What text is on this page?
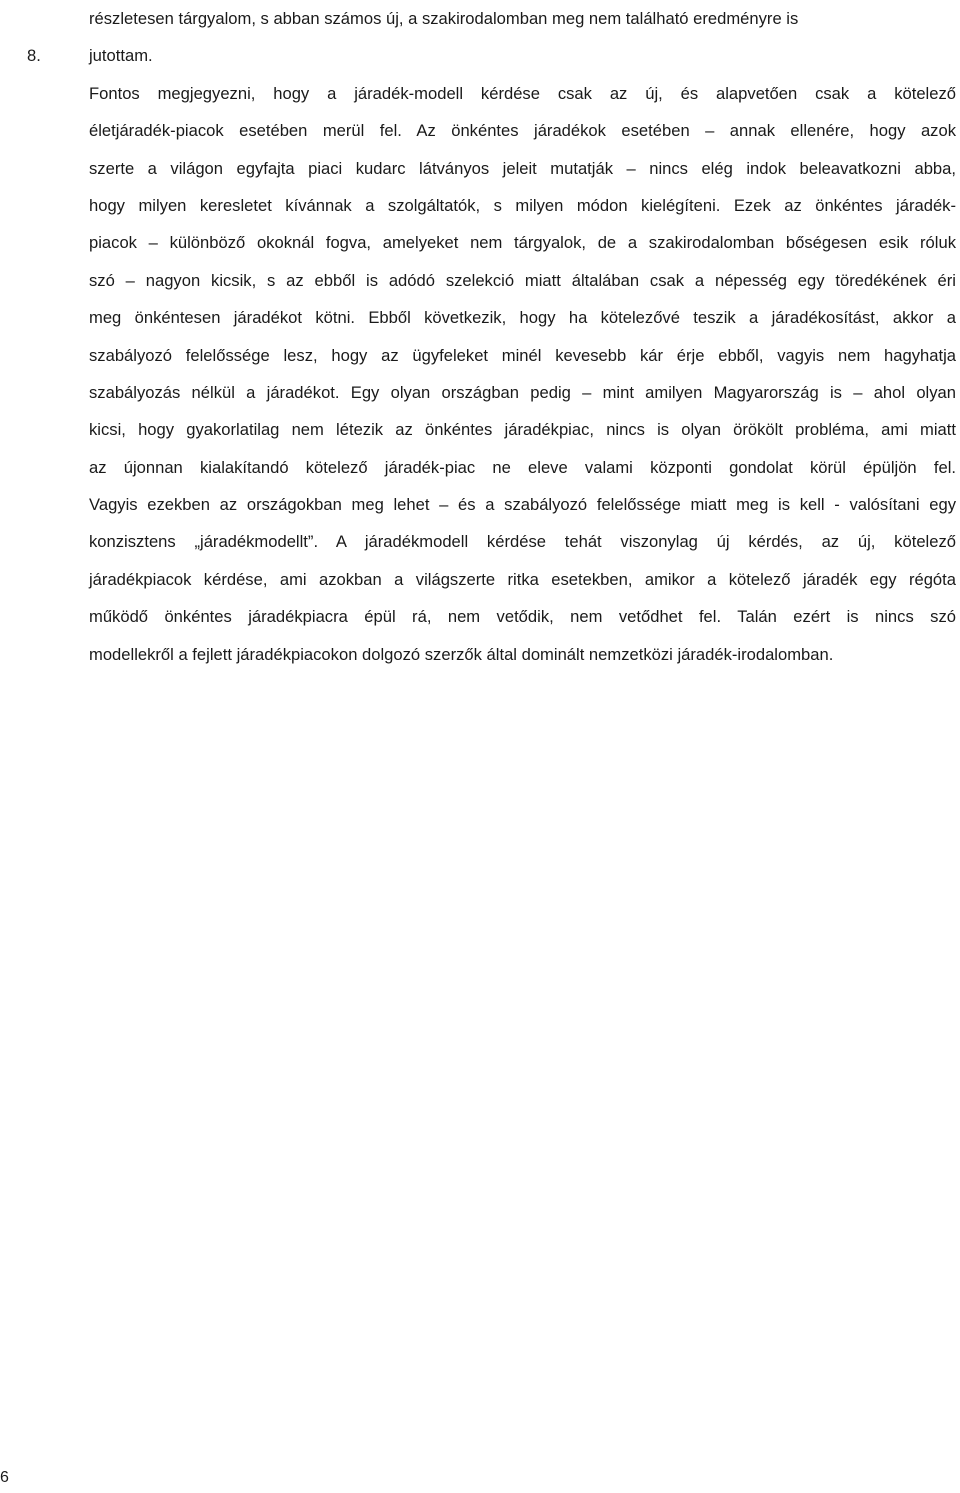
8.
részletesen tárgyalom, s abban számos új, a szakirodalomban meg nem található eredményre is
jutottam.
Fontos megjegyezni, hogy a járadék-modell kérdése csak az új, és alapvetően csak a kötelező
életjáradék-piacok esetében merül fel. Az önkéntes járadékok esetében – annak ellenére, hogy azok
szerte a világon egyfajta piaci kudarc látványos jeleit mutatják – nincs elég indok beleavatkozni abba,
hogy milyen keresletet kívánnak a szolgáltatók, s milyen módon kielégíteni. Ezek az önkéntes járadék-
piacok – különböző okoknál fogva, amelyeket nem tárgyalok, de a szakirodalomban bőségesen esik róluk
szó – nagyon kicsik, s az ebből is adódó szelekció miatt általában csak a népesség egy töredékének éri
meg önkéntesen járadékot kötni. Ebből következik, hogy ha kötelezővé teszik a járadékosítást, akkor a
szabályozó felelőssége lesz, hogy az ügyfeleket minél kevesebb kár érje ebből, vagyis nem hagyhatja
szabályozás nélkül a járadékot. Egy olyan országban pedig – mint amilyen Magyarország is – ahol olyan
kicsi, hogy gyakorlatilag nem létezik az önkéntes járadékpiac, nincs is olyan örökölt probléma, ami miatt
az újonnan kialakítandó kötelező járadék-piac ne eleve valami központi gondolat körül épüljön fel.
Vagyis ezekben az országokban meg lehet – és a szabályozó felelőssége miatt meg is kell - valósítani egy
konzisztens „járadékmodellt”. A járadékmodell kérdése tehát viszonylag új kérdés, az új, kötelező
járadékpiacok kérdése, ami azokban a világszerte ritka esetekben, amikor a kötelező járadék egy régóta
működő önkéntes járadékpiacra épül rá, nem vetődik, nem vetődhet fel. Talán ezért is nincs szó
modellekről a fejlett járadékpiacokon dolgozó szerzők által dominált nemzetközi járadék-irodalomban.
6
